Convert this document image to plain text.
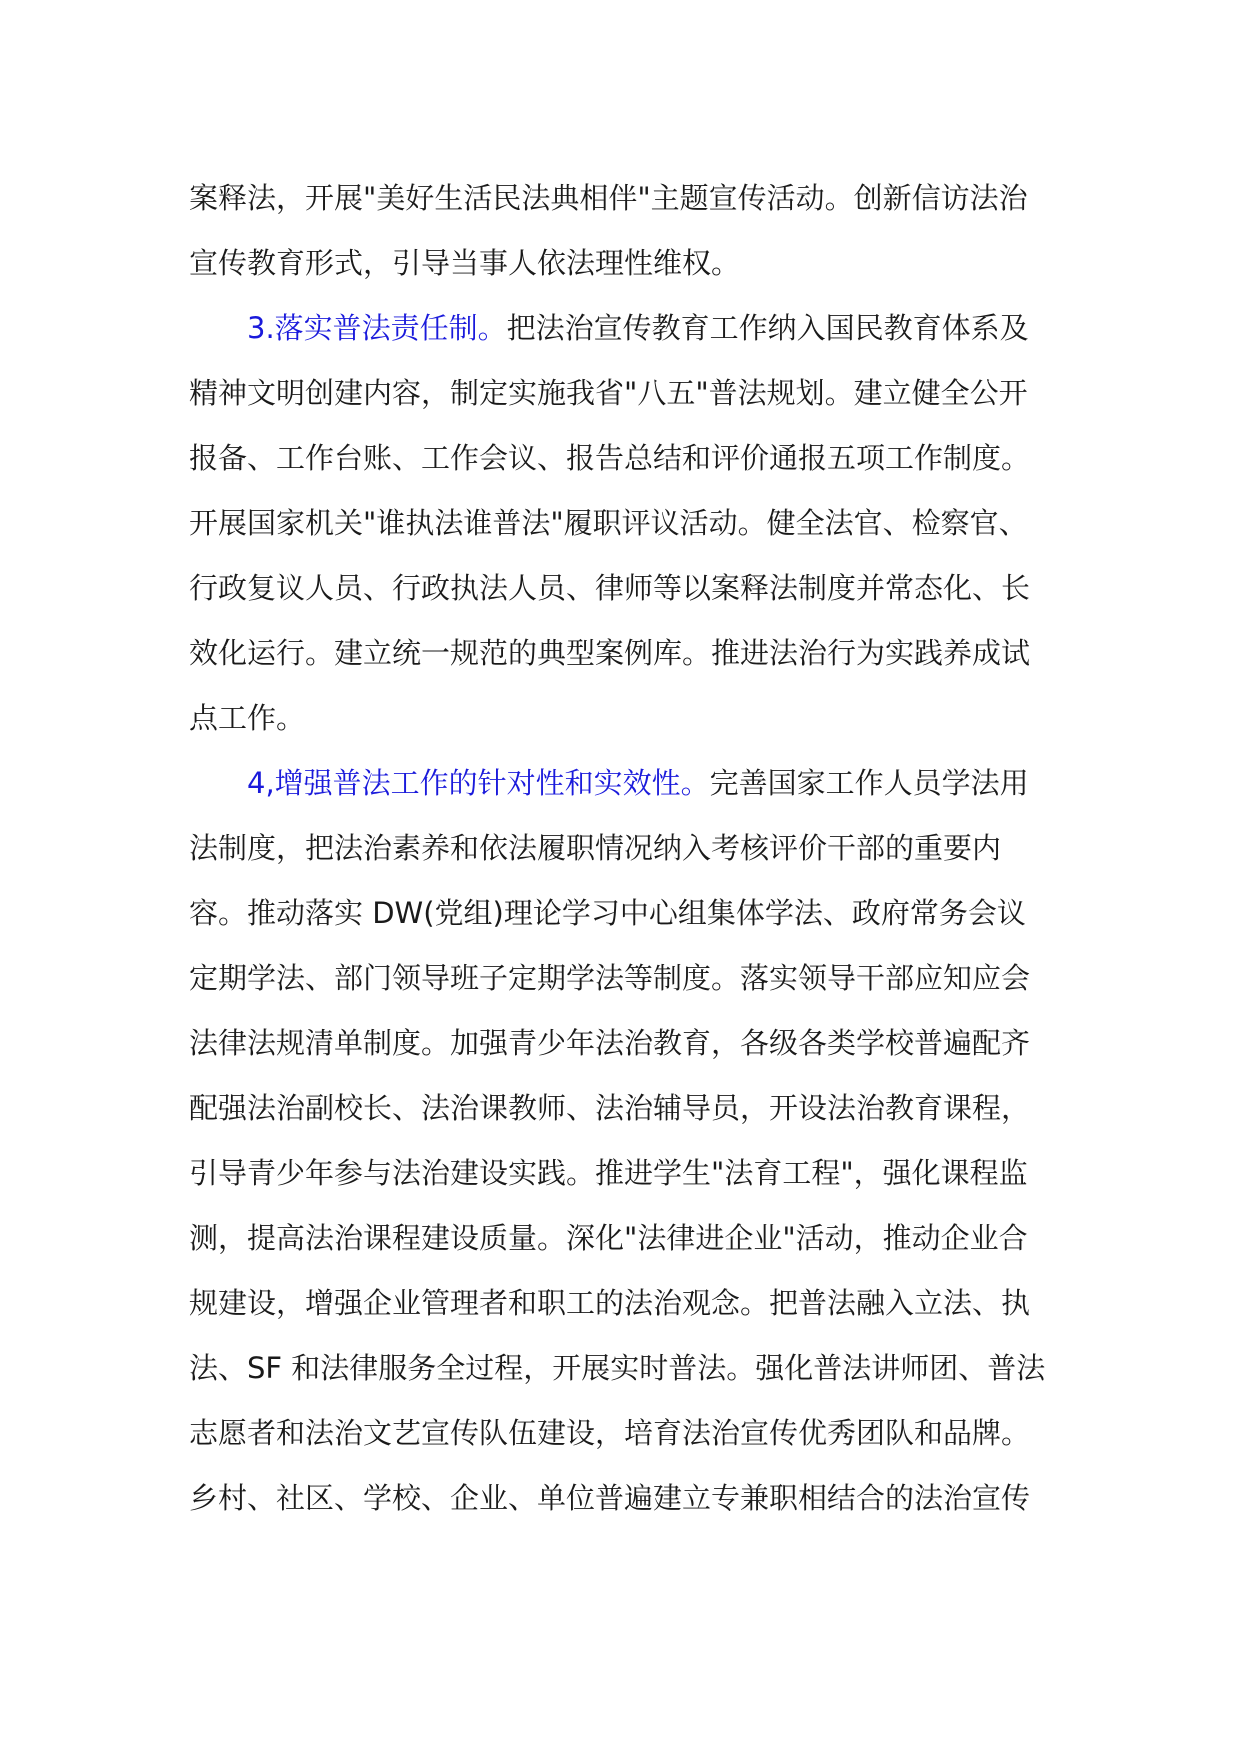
案释法，开展"美好生活民法典相伴"主题宣传活动。创新信访法治
宣传教育形式，引导当事人依法理性维权。
3.落实普法责任制。把法治宣传教育工作纳入国民教育体系及
精神文明创建内容，制定实施我省"八五"普法规划。建立健全公开
报备、工作台账、工作会议、报告总结和评价通报五项工作制度。
开展国家机关"谁执法谁普法"履职评议活动。健全法官、检察官、
行政复议人员、行政执法人员、律师等以案释法制度并常态化、长
效化运行。建立统一规范的典型案例库。推进法治行为实践养成试
点工作。
4,增强普法工作的针对性和实效性。完善国家工作人员学法用
法制度，把法治素养和依法履职情况纳入考核评价干部的重要内
容。推动落实 DW(党组)理论学习中心组集体学法、政府常务会议
定期学法、部门领导班子定期学法等制度。落实领导干部应知应会
法律法规清单制度。加强青少年法治教育，各级各类学校普遍配齐
配强法治副校长、法治课教师、法治辅导员，开设法治教育课程，
引导青少年参与法治建设实践。推进学生"法育工程"，强化课程监
测，提高法治课程建设质量。深化"法律进企业"活动，推动企业合
规建设，增强企业管理者和职工的法治观念。把普法融入立法、执
法、SF 和法律服务全过程，开展实时普法。强化普法讲师团、普法
志愿者和法治文艺宣传队伍建设，培育法治宣传优秀团队和品牌。
乡村、社区、学校、企业、单位普遍建立专兼职相结合的法治宣传
